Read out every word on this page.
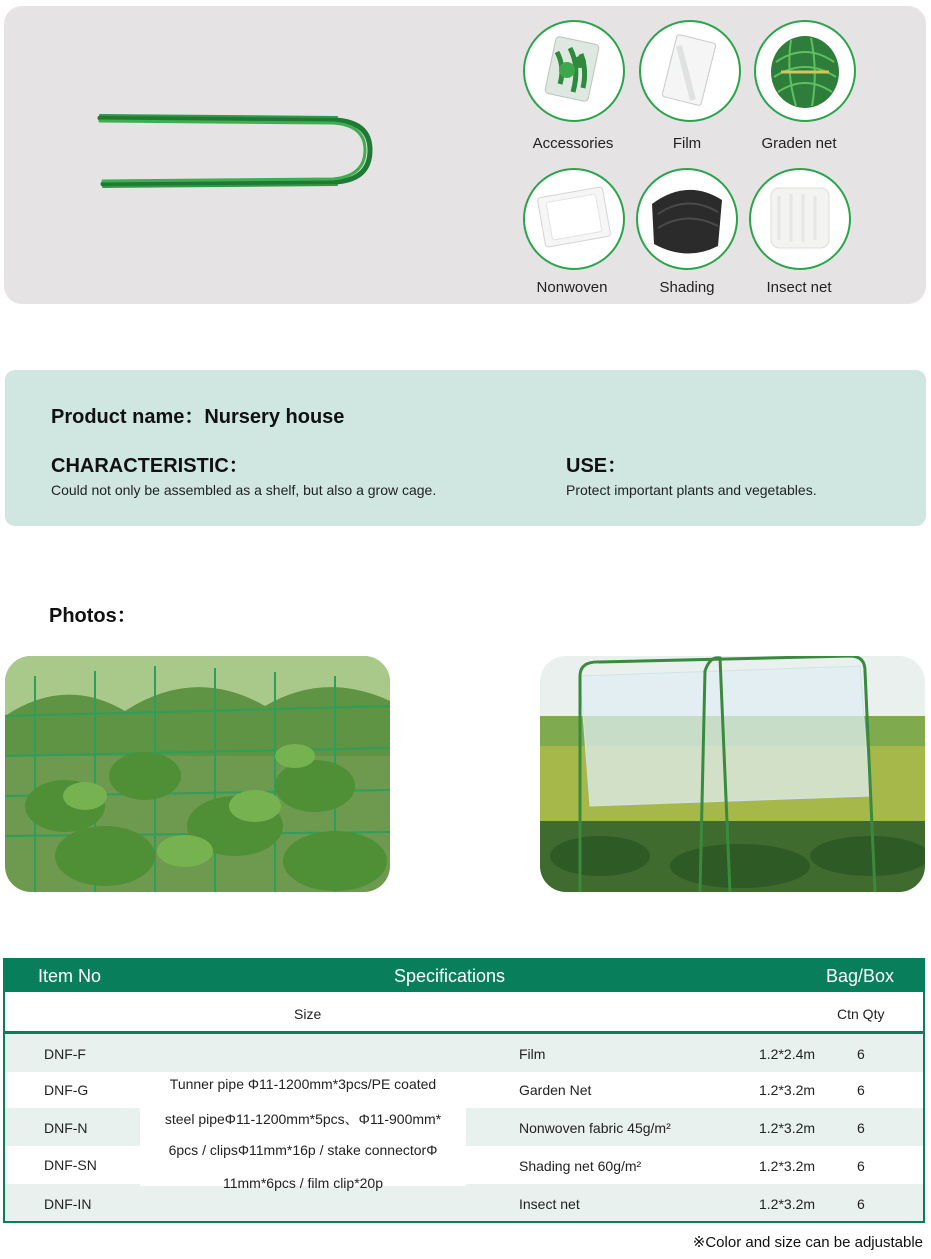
Accessories	Film	Graden net
Nonwoven	Shading	Insect net
Product name：Nursery house
CHARACTERISTIC：
Could not only be assembled as a shelf, but also a grow cage.
USE：
Protect important plants and vegetables.
Photos：
Item No	Specifications	Bag/Box
Size	Ctn Qty
Tunner pipe Φ11-1200mm*3pcs/PE coated
steel pipeΦ11-1200mm*5pcs、Φ11-900mm*
6pcs / clipsΦ11mm*16p / stake connectorΦ
11mm*6pcs / film clip*20p
DNF-F	Film	1.2*2.4m	6
DNF-G	Garden Net	1.2*3.2m	6
DNF-N	Nonwoven fabric 45g/m²	1.2*3.2m	6
DNF-SN	Shading net 60g/m²	1.2*3.2m	6
DNF-IN	Insect net	1.2*3.2m	6
※Color and size can be adjustable
